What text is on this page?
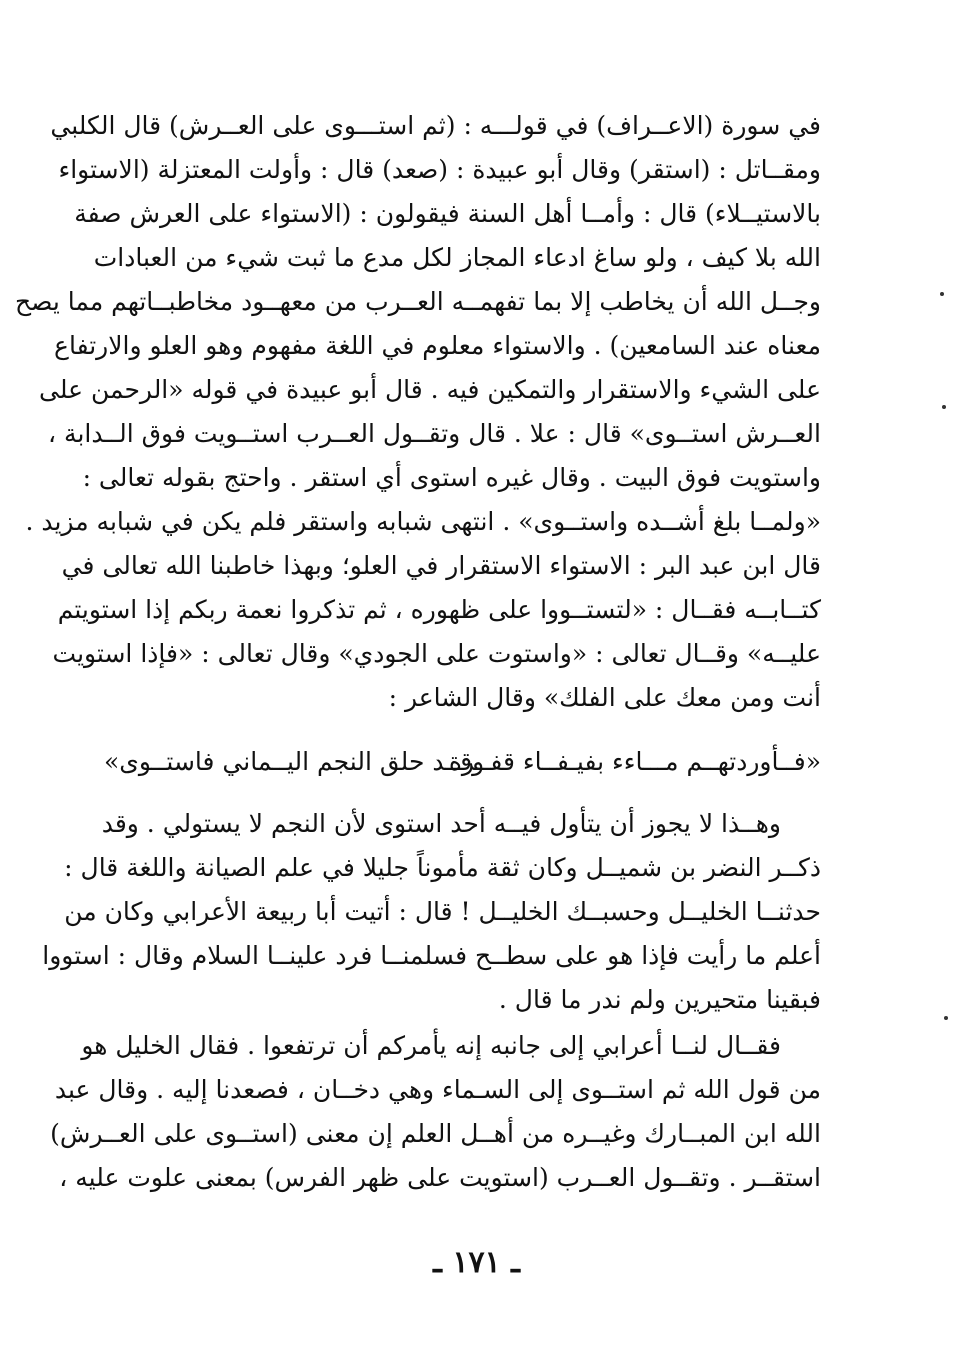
في سورة (الاعــراف) في قولـــه : (ثم استـــوى على العــرش) قال الكلبي
ومقــاتل : (استقر) وقال أبو عبيدة : (صعد) قال : وأولت المعتزلة (الاستواء
بالاستيــلاء) قال : وأمــا أهل السنة فيقولون : (الاستواء على العرش صفة
الله بلا كيف ، ولو ساغ ادعاء المجاز لكل مدع ما ثبت شيء من العبادات
وجــل الله أن يخاطب إلا بما تفهمــه العــرب من معهــود مخاطبــاتهم مما يصح
معناه عند السامعين) . والاستواء معلوم في اللغة مفهوم وهو العلو والارتفاع
على الشيء والاستقرار والتمكين فيه . قال أبو عبيدة في قوله «الرحمن على
العــرش استــوى» قال : علا . قال وتقــول العــرب استــويت فوق الــدابة ،
واستويت فوق البيت . وقال غيره استوى أي استقر . واحتج بقوله تعالى :
«ولمــا بلغ أشــده واستــوى» . انتهى شبابه واستقر فلم يكن في شبابه مزيد .
قال ابن عبد البر : الاستواء الاستقرار في العلو؛ وبهذا خاطبنا الله تعالى في
كتــابــه فقــال : «لتستــووا على ظهوره ، ثم تذكروا نعمة ربكم إذا استويتم
عليــه» وقــال تعالى : «واستوت على الجودي» وقال تعالى : «فإذا استويت
أنت ومن معك على الفلك» وقال الشاعر :
«فــأوردتهــم مـــاءء بفيـفــاء قفــرة
وقــد حلق النجم اليــماني فاستــوى»
وهــذا لا يجوز أن يتأول فيــه أحد استوى لأن النجم لا يستولي . وقد
ذكــر النضر بن شميــل وكان ثقة مأموناً جليلا في علم الصيانة واللغة قال :
حدثنــا الخليــل وحسبــك الخليــل ! قال : أتيت أبا ربيعة الأعرابي وكان من
أعلم ما رأيت فإذا هو على سطــح فسلمنــا فرد علينــا السلام وقال : استووا
فبقينا متحيرين ولم ندر ما قال .
فقــال لنــا أعرابي إلى جانبه إنه يأمركم أن ترتفعوا . فقال الخليل هو
من قول الله ثم استــوى إلى السـماء وهي دخــان ، فصعدنا إليه . وقال عبد
الله ابن المبــارك وغيــره من أهــل العلم إن معنى (استــوى على العــرش)
استقــر . وتقــول العــرب (استويت على ظهر الفرس) بمعنى علوت عليه ،
ـ ١٧١ ـ
